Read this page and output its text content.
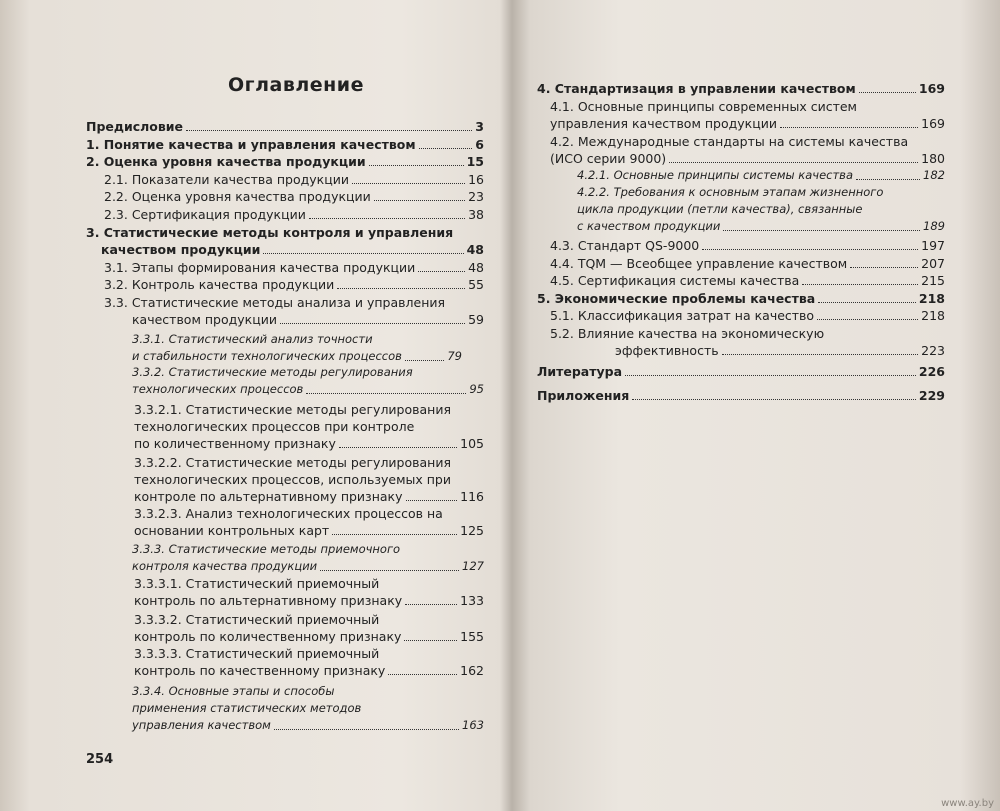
Оглавление
Предисловие	3
1. Понятие качества и управления качеством	6
2. Оценка уровня качества продукции	15
2.1. Показатели качества продукции	16
2.2. Оценка уровня качества продукции	23
2.3. Сертификация продукции	38
3. Статистические методы контроля и управления
качеством продукции	48
3.1. Этапы формирования качества продукции	48
3.2. Контроль качества продукции	55
3.3. Статистические методы анализа и управления
качеством продукции	59
3.3.1. Статистический анализ точности
и стабильности технологических процессов	79
3.3.2. Статистические методы регулирования
технологических процессов	95
3.3.2.1. Статистические методы регулирования
технологических процессов при контроле
по количественному признаку	105
3.3.2.2. Статистические методы регулирования
технологических процессов, используемых при
контроле по альтернативному признаку	116
3.3.2.3. Анализ технологических процессов на
основании контрольных карт	125
3.3.3. Статистические методы приемочного
контроля качества продукции	127
3.3.3.1. Статистический приемочный
контроль по альтернативному признаку	133
3.3.3.2. Статистический приемочный
контроль по количественному признаку	155
3.3.3.3. Статистический приемочный
контроль по качественному признаку	162
3.3.4. Основные этапы и способы
применения статистических методов
управления качеством	163
254
4. Стандартизация в управлении качеством	169
4.1. Основные принципы современных систем
управления качеством продукции	169
4.2. Международные стандарты на системы качества
(ИСО серии 9000)	180
4.2.1. Основные принципы системы качества	182
4.2.2. Требования к основным этапам жизненного
цикла продукции (петли качества), связанные
с качеством продукции	189
4.3. Стандарт QS-9000	197
4.4. TQM — Всеобщее управление качеством	207
4.5. Сертификация системы качества	215
5. Экономические проблемы качества	218
5.1. Классификация затрат на качество	218
5.2. Влияние качества на экономическую
эффективность	223
Литература	226
Приложения	229
www.ay.by
